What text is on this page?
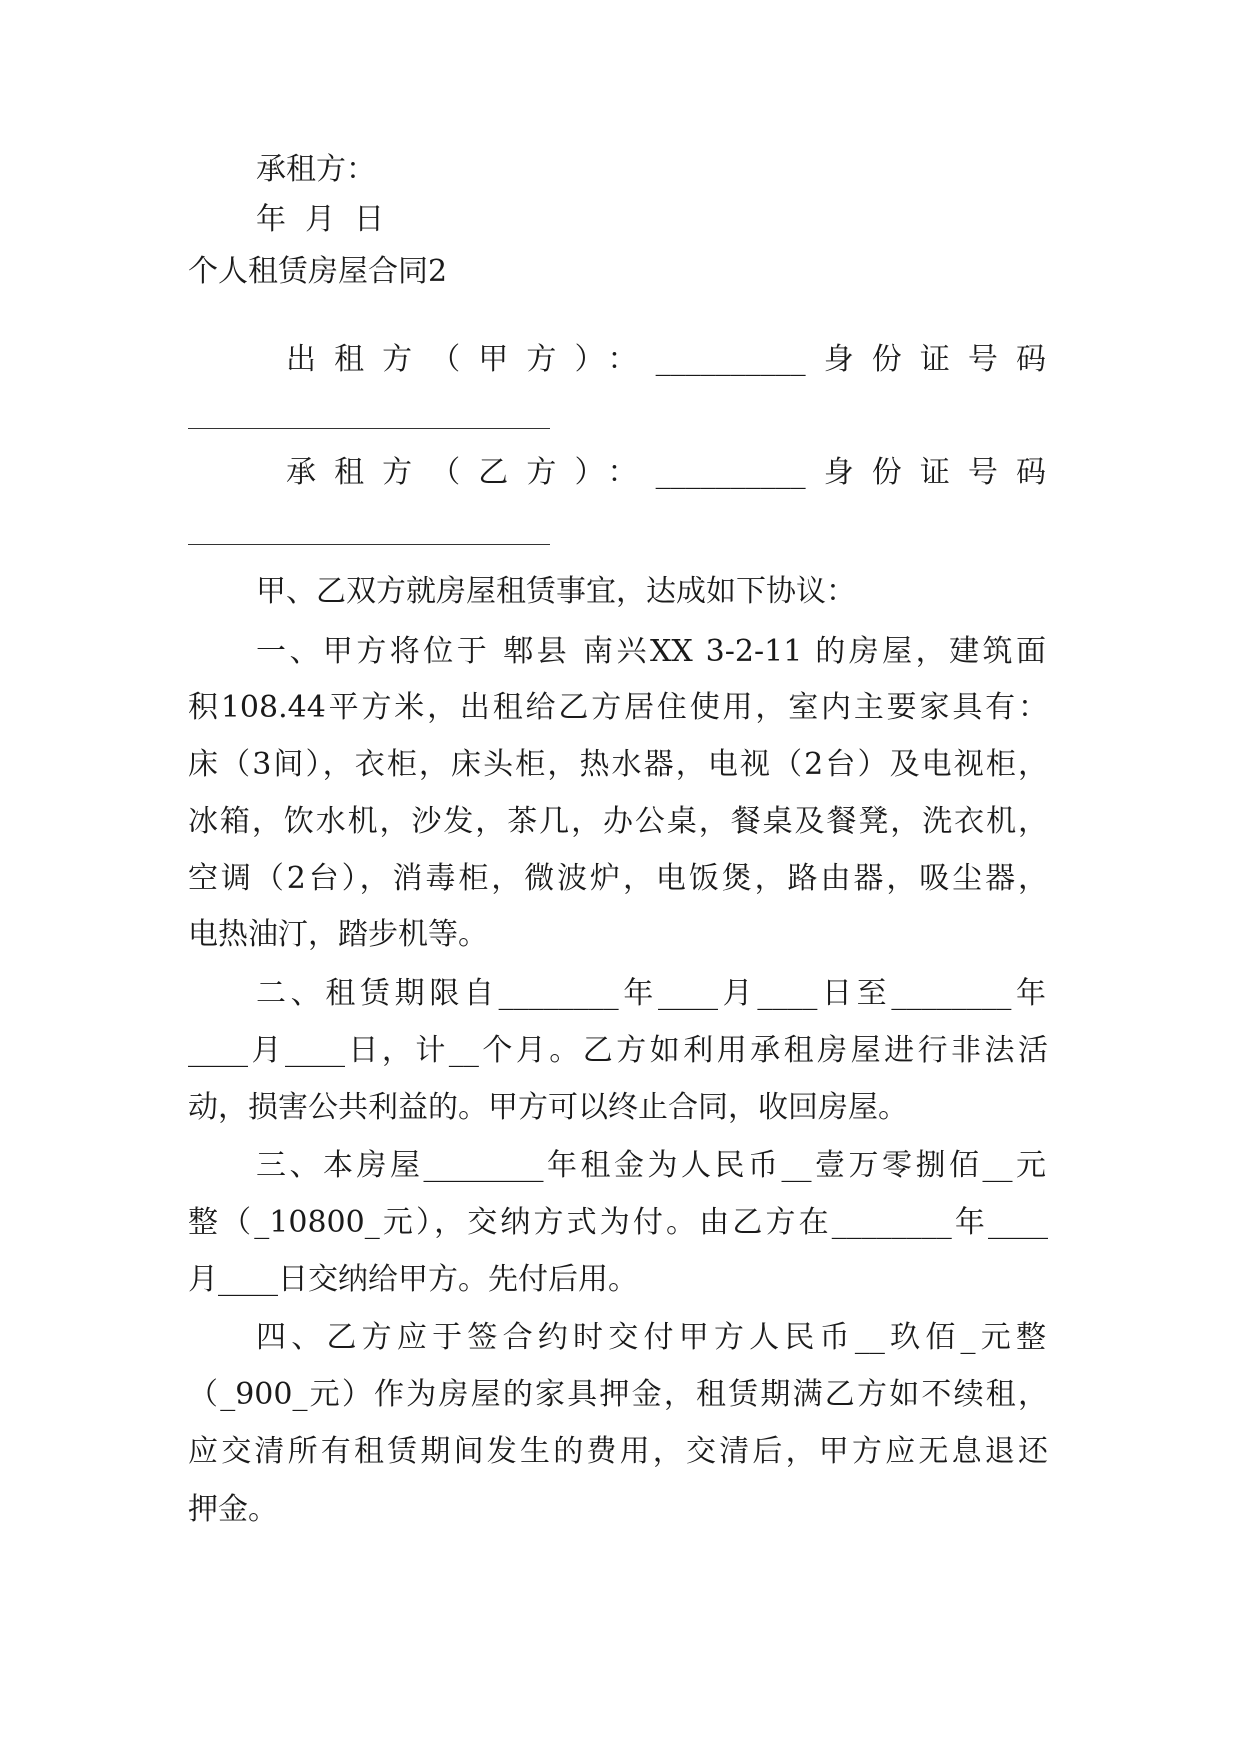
承租方：
年  月  日
个人租赁房屋合同2
出租方（甲方）：__________身份证号码
承租方（乙方）：__________身份证号码
甲、乙双方就房屋租赁事宜，达成如下协议：
一、甲方将位于 郫县 南兴XX 3-2-11 的房屋，建筑面
积108.44平方米，出租给乙方居住使用，室内主要家具有：
床（3间），衣柜，床头柜，热水器，电视（2台）及电视柜，
冰箱，饮水机，沙发，茶几，办公桌，餐桌及餐凳，洗衣机，
空调（2台），消毒柜，微波炉，电饭煲，路由器，吸尘器，
电热油汀，踏步机等。
二、租赁期限自________年____月____日至________年
____月____日，计__个月。乙方如利用承租房屋进行非法活
动，损害公共利益的。甲方可以终止合同，收回房屋。
三、本房屋________年租金为人民币__壹万零捌佰__元
整（_10800_元），交纳方式为付。由乙方在________年____
月____日交纳给甲方。先付后用。
四、乙方应于签合约时交付甲方人民币__玖佰_元整
（_900_元）作为房屋的家具押金，租赁期满乙方如不续租，
应交清所有租赁期间发生的费用，交清后，甲方应无息退还
押金。
